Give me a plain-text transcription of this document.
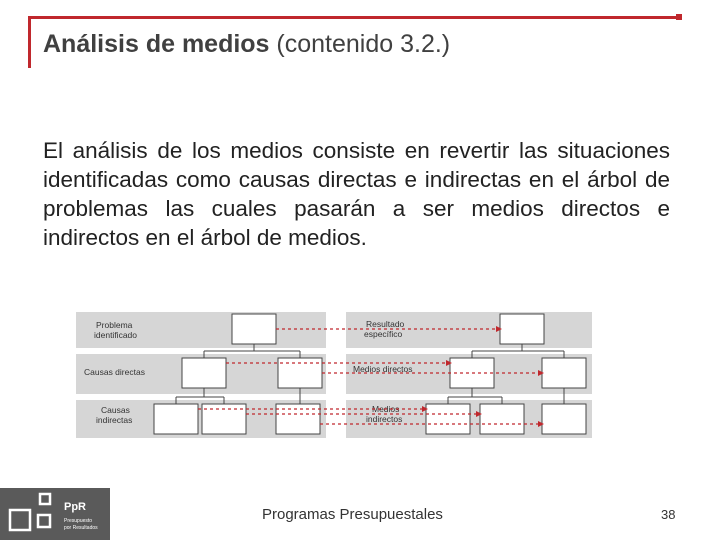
Análisis de medios (contenido 3.2.)
El análisis de los medios consiste en revertir las situaciones identificadas como causas directas e indirectas en el árbol de problemas las cuales pasarán a ser medios directos e indirectos en el árbol de medios.
Problema
identificado
Causas directas
Causas
indirectas
Resultado
específico
Medios directos
Medios
indirectos
PpR
Presupuesto
por Resultados
Programas Presupuestales	38
